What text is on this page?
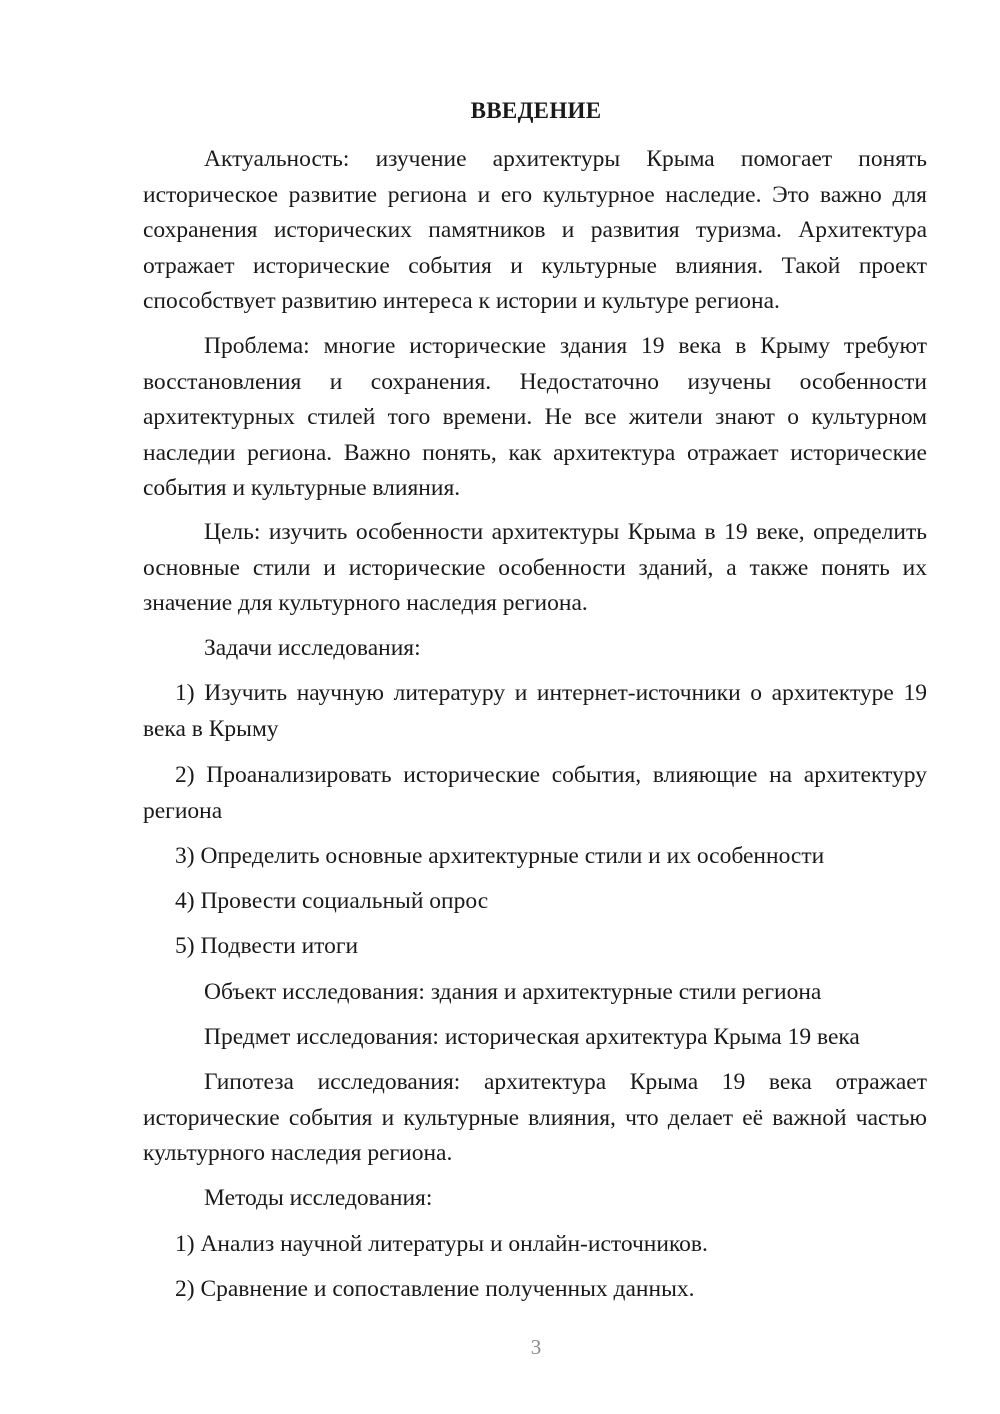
ВВЕДЕНИЕ

Актуальность: изучение архитектуры Крыма помогает понять историческое развитие региона и его культурное наследие. Это важно для сохранения исторических памятников и развития туризма. Архитектура отражает исторические события и культурные влияния. Такой проект способствует развитию интереса к истории и культуре региона.

Проблема: многие исторические здания 19 века в Крыму требуют восстановления и сохранения. Недостаточно изучены особенности архитектурных стилей того времени. Не все жители знают о культурном наследии региона. Важно понять, как архитектура отражает исторические события и культурные влияния.

Цель: изучить особенности архитектуры Крыма в 19 веке, определить основные стили и исторические особенности зданий, а также понять их значение для культурного наследия региона.

Задачи исследования:

1) Изучить научную литературу и интернет-источники о архитектуре 19 века в Крыму

2) Проанализировать исторические события, влияющие на архитектуру региона

3) Определить основные архитектурные стили и их особенности

4) Провести социальный опрос

5) Подвести итоги

Объект исследования: здания и архитектурные стили региона

Предмет исследования: историческая архитектура Крыма 19 века

Гипотеза исследования: архитектура Крыма 19 века отражает исторические события и культурные влияния, что делает её важной частью культурного наследия региона.

Методы исследования:

1) Анализ научной литературы и онлайн-источников.

2) Сравнение и сопоставление полученных данных.

3
